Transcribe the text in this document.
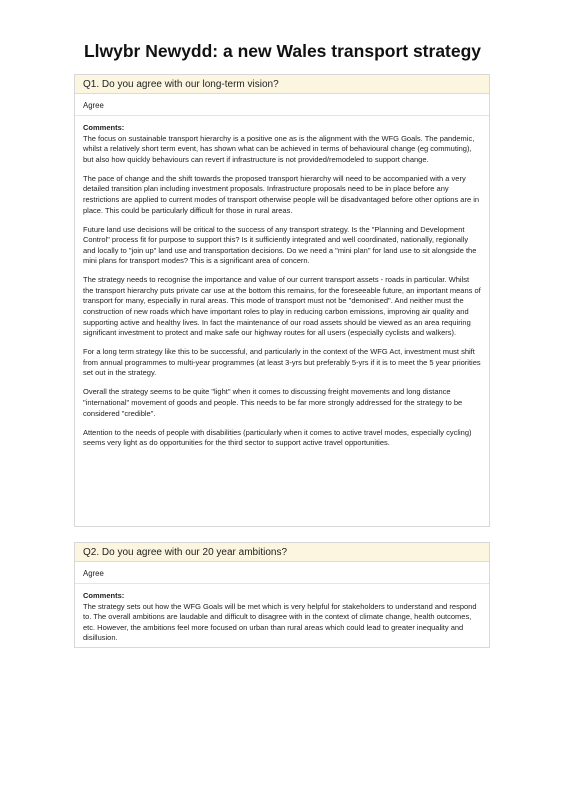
Llwybr Newydd: a new Wales transport strategy
Q1. Do you agree with our long-term vision?
Agree
Comments:

The focus on sustainable transport hierarchy is a positive one as is the alignment with the WFG Goals. The pandemic, whilst a relatively short term event, has shown what can be achieved in terms of behavioural change (eg commuting), but also how quickly behaviours can revert if infrastructure is not provided/remodeled to support change.

The pace of change and the shift towards the proposed transport hierarchy will need to be accompanied with a very detailed transition plan including investment proposals. Infrastructure proposals need to be in place before any restrictions are applied to current modes of transport otherwise people will be disadvantaged before other options are in place. This could be particularly difficult for those in rural areas.

Future land use decisions will be critical to the success of any transport strategy. Is the "Planning and Development Control" process fit for purpose to support this? Is it sufficiently integrated and well coordinated, nationally, regionally and locally to "join up" land use and transportation decisions. Do we need a "mini plan" for land use to sit alongside the mini plans for transport modes? This is a significant area of concern.

The strategy needs to recognise the importance and value of our current transport assets - roads in particular. Whilst the transport hierarchy puts private car use at the bottom this remains, for the foreseeable future, an important means of transport for many, especially in rural areas. This mode of transport must not be "demonised". And neither must the construction of new roads which have important roles to play in reducing carbon emissions, improving air quality and supporting active and healthy lives. In fact the maintenance of our road assets should be viewed as an area requiring significant investment to protect and make safe our highway routes for all users (especially cyclists and walkers).

For a long term strategy like this to be successful, and particularly in the context of the WFG Act, investment must shift from annual programmes to multi-year programmes (at least 3-yrs but preferably 5-yrs if it is to meet the 5 year priorities set out in the strategy.

Overall the strategy seems to be quite "light" when it comes to discussing freight movements and long distance "international" movement of goods and people. This needs to be far more strongly addressed for the strategy to be considered "credible".

Attention to the needs of people with disabilities (particularly when it comes to active travel modes, especially cycling) seems very light as do opportunities for the third sector to support active travel opportunities.

Q2. Do you agree with our 20 year ambitions?
Agree
Comments:

The strategy sets out how the WFG Goals will be met which is very helpful for stakeholders to understand and respond to. The overall ambitions are laudable and difficult to disagree with in the context of climate change, health outcomes, etc. However, the ambitions feel more focused on urban than rural areas which could lead to greater inequality and disillusion.
